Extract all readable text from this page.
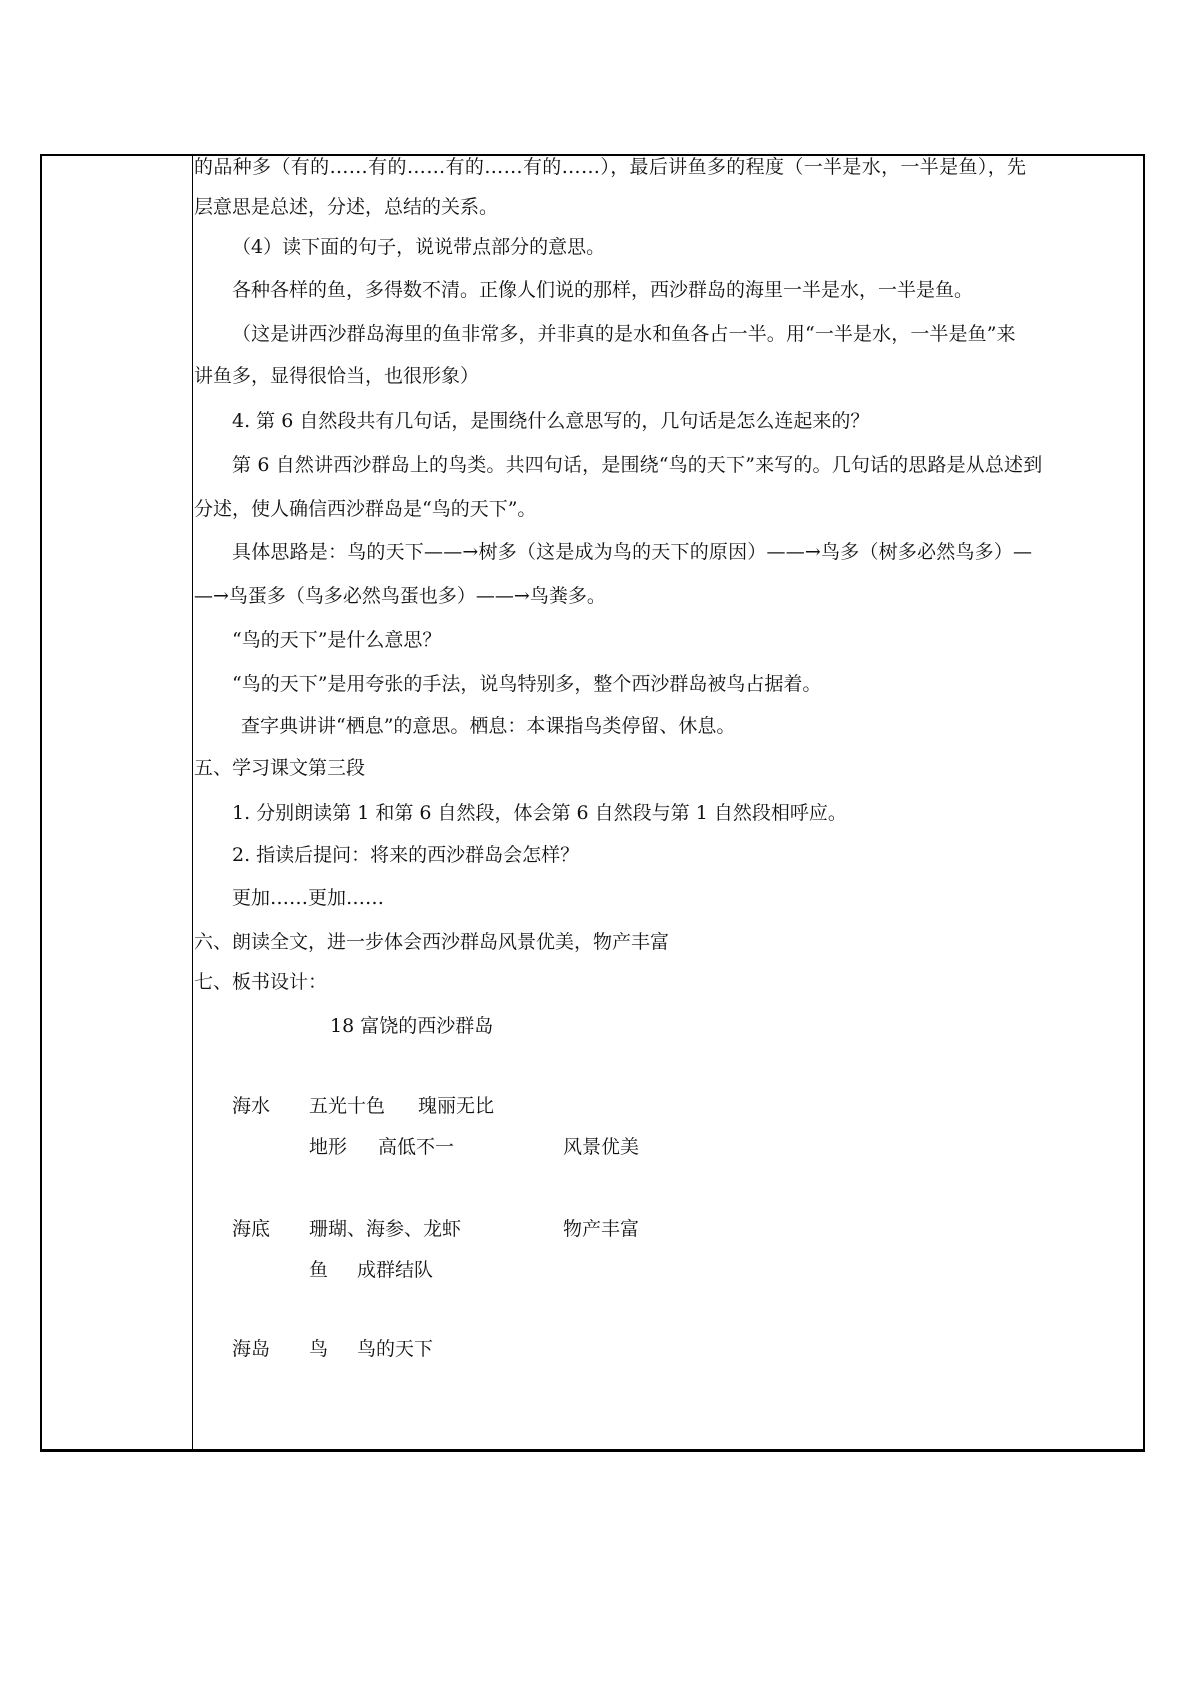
的品种多（有的……有的……有的……有的……），最后讲鱼多的程度（一半是水，一半是鱼），先
层意思是总述，分述，总结的关系。
（4）读下面的句子，说说带点部分的意思。
各种各样的鱼，多得数不清。正像人们说的那样，西沙群岛的海里一半是水，一半是鱼。
（这是讲西沙群岛海里的鱼非常多，并非真的是水和鱼各占一半。用“一半是水，一半是鱼”来
讲鱼多，显得很恰当，也很形象）
4. 第 6 自然段共有几句话，是围绕什么意思写的，几句话是怎么连起来的？
第 6 自然讲西沙群岛上的鸟类。共四句话，是围绕“鸟的天下”来写的。几句话的思路是从总述到
分述，使人确信西沙群岛是“鸟的天下”。
具体思路是：鸟的天下——→树多（这是成为鸟的天下的原因）——→鸟多（树多必然鸟多）—
—→鸟蛋多（鸟多必然鸟蛋也多）——→鸟粪多。
“鸟的天下”是什么意思？
“鸟的天下”是用夸张的手法，说鸟特别多，整个西沙群岛被鸟占据着。
查字典讲讲“栖息”的意思。栖息：本课指鸟类停留、休息。
五、学习课文第三段
1. 分别朗读第 1 和第 6 自然段，体会第 6 自然段与第 1 自然段相呼应。
2. 指读后提问：将来的西沙群岛会怎样？
更加……更加……
六、朗读全文，进一步体会西沙群岛风景优美，物产丰富
七、板书设计：
18 富饶的西沙群岛
海水 五光十色 瑰丽无比
地形 高低不一	风景优美
海底 珊瑚、海参、龙虾	物产丰富
鱼 成群结队
海岛 鸟 鸟的天下
